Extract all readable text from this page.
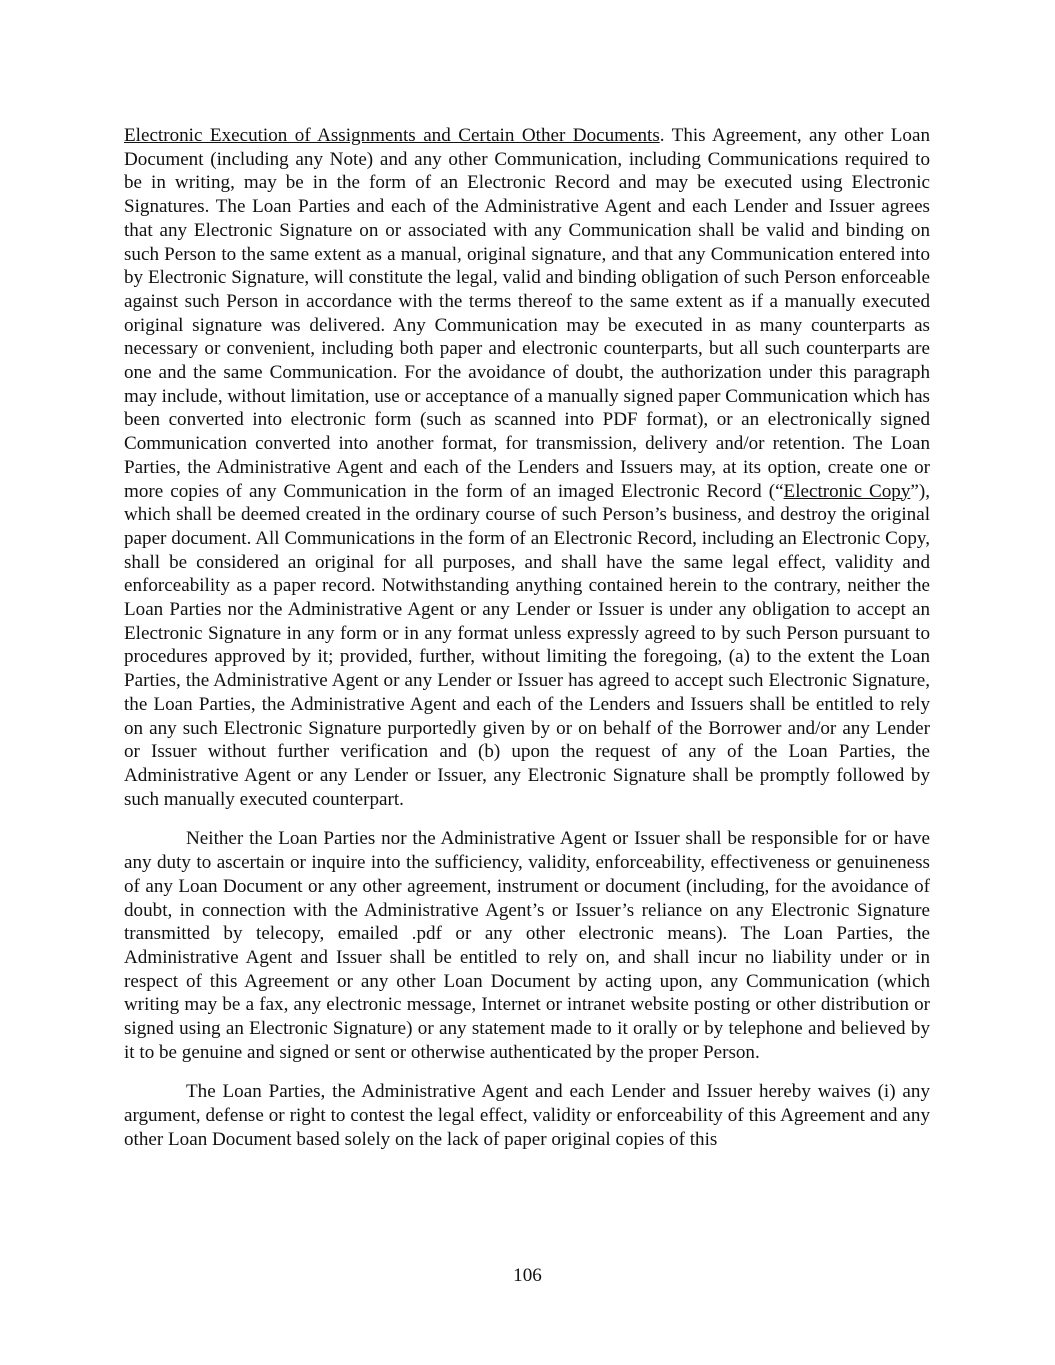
Electronic Execution of Assignments and Certain Other Documents. This Agreement, any other Loan Document (including any Note) and any other Communication, including Communications required to be in writing, may be in the form of an Electronic Record and may be executed using Electronic Signatures. The Loan Parties and each of the Administrative Agent and each Lender and Issuer agrees that any Electronic Signature on or associated with any Communication shall be valid and binding on such Person to the same extent as a manual, original signature, and that any Communication entered into by Electronic Signature, will constitute the legal, valid and binding obligation of such Person enforceable against such Person in accordance with the terms thereof to the same extent as if a manually executed original signature was delivered. Any Communication may be executed in as many counterparts as necessary or convenient, including both paper and electronic counterparts, but all such counterparts are one and the same Communication. For the avoidance of doubt, the authorization under this paragraph may include, without limitation, use or acceptance of a manually signed paper Communication which has been converted into electronic form (such as scanned into PDF format), or an electronically signed Communication converted into another format, for transmission, delivery and/or retention. The Loan Parties, the Administrative Agent and each of the Lenders and Issuers may, at its option, create one or more copies of any Communication in the form of an imaged Electronic Record (“Electronic Copy”), which shall be deemed created in the ordinary course of such Person’s business, and destroy the original paper document. All Communications in the form of an Electronic Record, including an Electronic Copy, shall be considered an original for all purposes, and shall have the same legal effect, validity and enforceability as a paper record. Notwithstanding anything contained herein to the contrary, neither the Loan Parties nor the Administrative Agent or any Lender or Issuer is under any obligation to accept an Electronic Signature in any form or in any format unless expressly agreed to by such Person pursuant to procedures approved by it; provided, further, without limiting the foregoing, (a) to the extent the Loan Parties, the Administrative Agent or any Lender or Issuer has agreed to accept such Electronic Signature, the Loan Parties, the Administrative Agent and each of the Lenders and Issuers shall be entitled to rely on any such Electronic Signature purportedly given by or on behalf of the Borrower and/or any Lender or Issuer without further verification and (b) upon the request of any of the Loan Parties, the Administrative Agent or any Lender or Issuer, any Electronic Signature shall be promptly followed by such manually executed counterpart.

Neither the Loan Parties nor the Administrative Agent or Issuer shall be responsible for or have any duty to ascertain or inquire into the sufficiency, validity, enforceability, effectiveness or genuineness of any Loan Document or any other agreement, instrument or document (including, for the avoidance of doubt, in connection with the Administrative Agent’s or Issuer’s reliance on any Electronic Signature transmitted by telecopy, emailed .pdf or any other electronic means). The Loan Parties, the Administrative Agent and Issuer shall be entitled to rely on, and shall incur no liability under or in respect of this Agreement or any other Loan Document by acting upon, any Communication (which writing may be a fax, any electronic message, Internet or intranet website posting or other distribution or signed using an Electronic Signature) or any statement made to it orally or by telephone and believed by it to be genuine and signed or sent or otherwise authenticated by the proper Person.

The Loan Parties, the Administrative Agent and each Lender and Issuer hereby waives (i) any argument, defense or right to contest the legal effect, validity or enforceability of this Agreement and any other Loan Document based solely on the lack of paper original copies of this

106
